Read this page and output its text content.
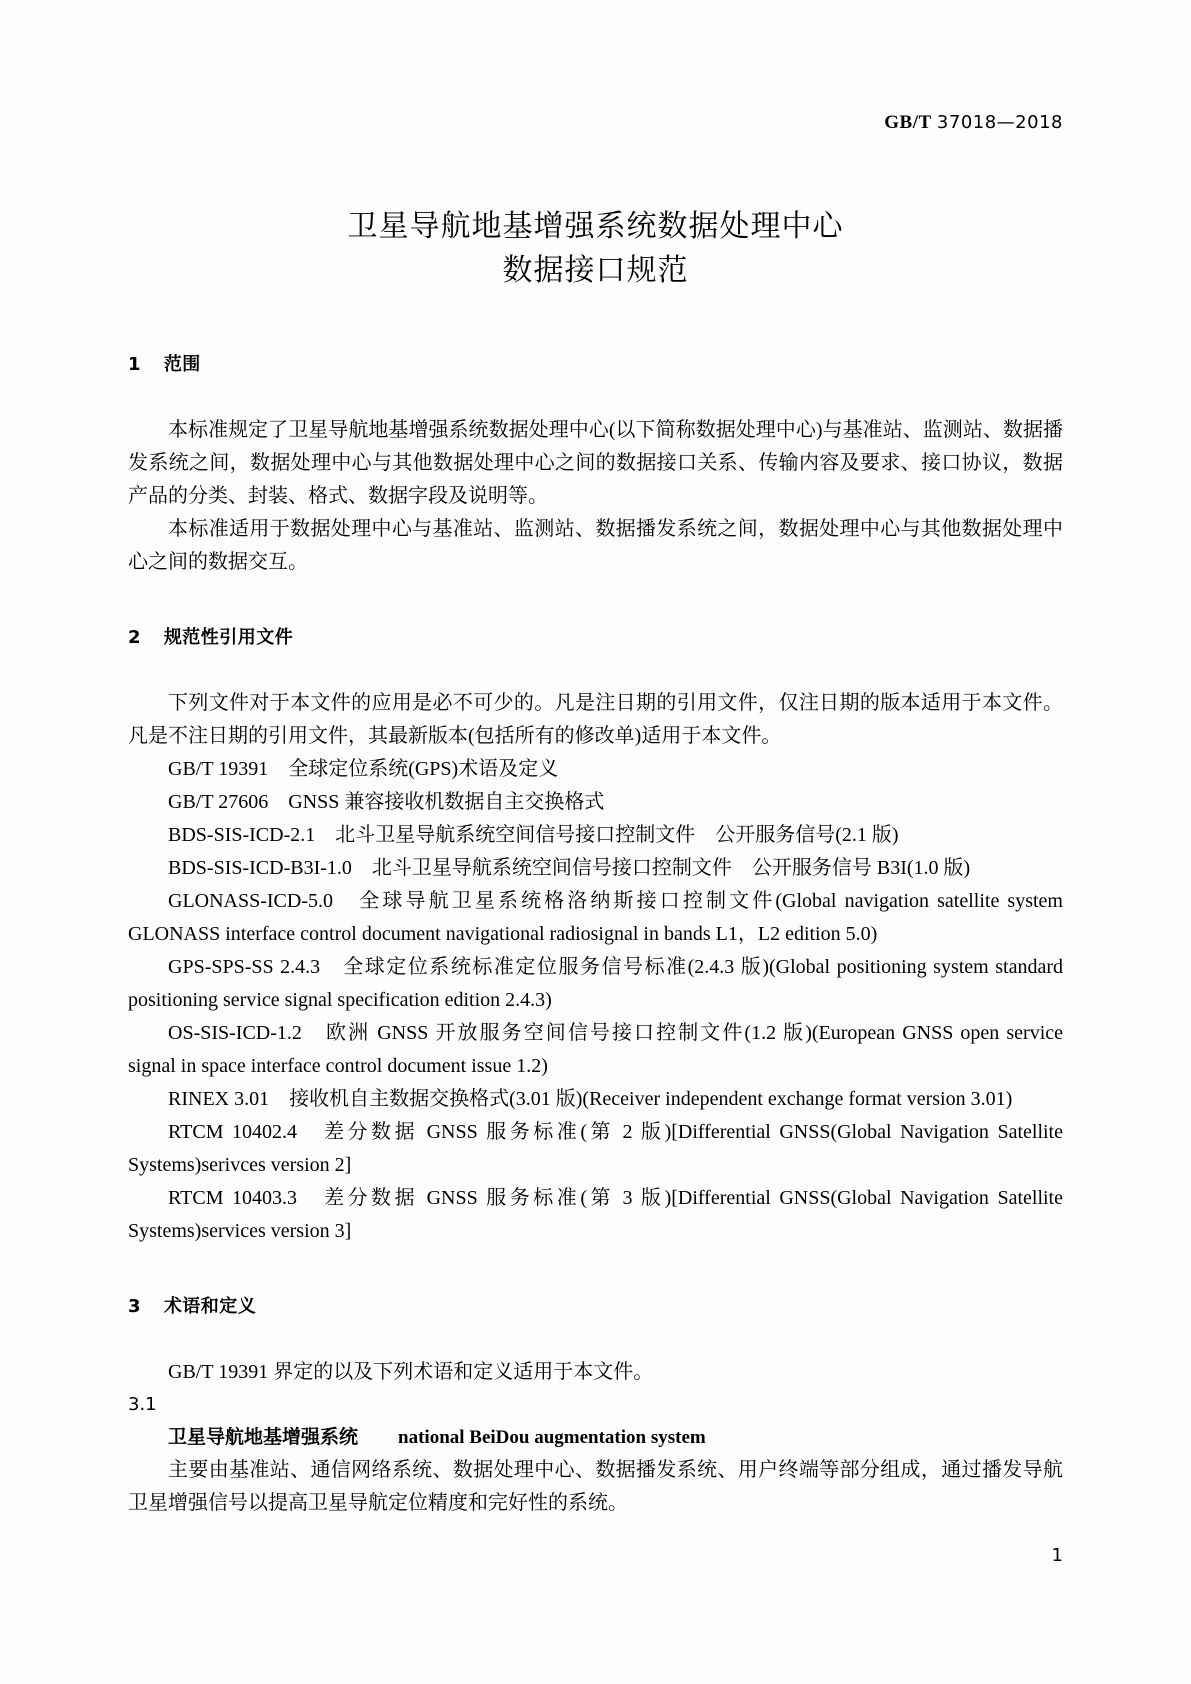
GB/T 37018—2018
卫星导航地基增强系统数据处理中心
数据接口规范
1 范围

本标准规定了卫星导航地基增强系统数据处理中心(以下简称数据处理中心)与基准站、监测站、数据播发系统之间，数据处理中心与其他数据处理中心之间的数据接口关系、传输内容及要求、接口协议，数据产品的分类、封装、格式、数据字段及说明等。

本标准适用于数据处理中心与基准站、监测站、数据播发系统之间，数据处理中心与其他数据处理中心之间的数据交互。

2 规范性引用文件

下列文件对于本文件的应用是必不可少的。凡是注日期的引用文件，仅注日期的版本适用于本文件。凡是不注日期的引用文件，其最新版本(包括所有的修改单)适用于本文件。

GB/T 19391　全球定位系统(GPS)术语及定义

GB/T 27606　GNSS 兼容接收机数据自主交换格式

BDS-SIS-ICD-2.1　北斗卫星导航系统空间信号接口控制文件　公开服务信号(2.1 版)

BDS-SIS-ICD-B3I-1.0　北斗卫星导航系统空间信号接口控制文件　公开服务信号 B3I(1.0 版)

GLONASS-ICD-5.0　全球导航卫星系统格洛纳斯接口控制文件(Global navigation satellite system GLONASS interface control document navigational radiosignal in bands L1，L2 edition 5.0)

GPS-SPS-SS 2.4.3　全球定位系统标准定位服务信号标准(2.4.3 版)(Global positioning system standard positioning service signal specification edition 2.4.3)

OS-SIS-ICD-1.2　欧洲 GNSS 开放服务空间信号接口控制文件(1.2 版)(European GNSS open service signal in space interface control document issue 1.2)

RINEX 3.01　接收机自主数据交换格式(3.01 版)(Receiver independent exchange format version 3.01)

RTCM 10402.4　差分数据 GNSS 服务标准(第 2 版)[Differential GNSS(Global Navigation Satellite Systems)serivces version 2]

RTCM 10403.3　差分数据 GNSS 服务标准(第 3 版)[Differential GNSS(Global Navigation Satellite Systems)services version 3]

3 术语和定义

GB/T 19391 界定的以及下列术语和定义适用于本文件。

3.1

卫星导航地基增强系统　　 national BeiDou augmentation system

主要由基准站、通信网络系统、数据处理中心、数据播发系统、用户终端等部分组成，通过播发导航卫星增强信号以提高卫星导航定位精度和完好性的系统。

1
